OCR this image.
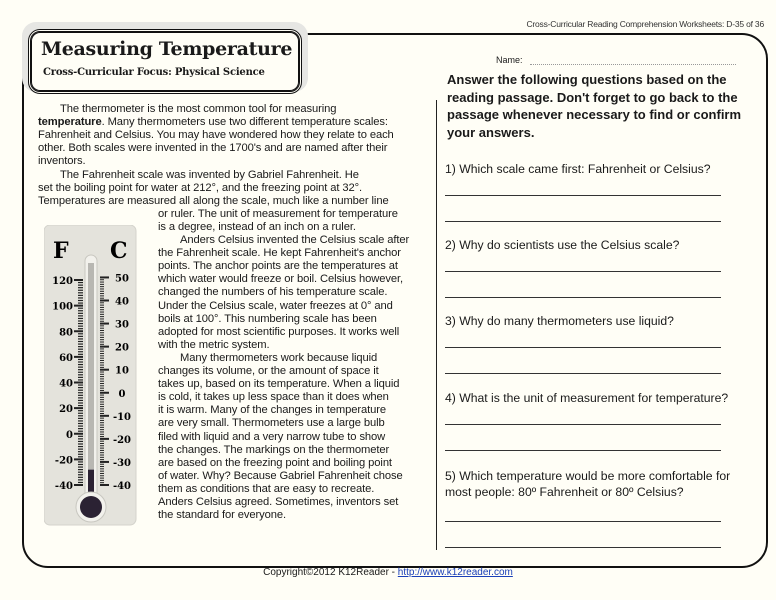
Cross-Curricular Reading Comprehension Worksheets: D-35 of 36
Measuring Temperature
Cross-Curricular Focus: Physical Science
The thermometer is the most common tool for measuring
temperature. Many thermometers use two different temperature scales:
Fahrenheit and Celsius. You may have wondered how they relate to each
other. Both scales were invented in the 1700's and are named after their
inventors.
The Fahrenheit scale was invented by Gabriel Fahrenheit. He
set the boiling point for water at 212°, and the freezing point at 32°.
Temperatures are measured all along the scale, much like a number line
or ruler. The unit of measurement for temperature
is a degree, instead of an inch on a ruler.
Anders Celsius invented the Celsius scale after
the Fahrenheit scale. He kept Fahrenheit's anchor
points. The anchor points are the temperatures at
which water would freeze or boil. Celsius however,
changed the numbers of his temperature scale.
Under the Celsius scale, water freezes at 0° and
boils at 100°. This numbering scale has been
adopted for most scientific purposes. It works well
with the metric system.
Many thermometers work because liquid
changes its volume, or the amount of space it
takes up, based on its temperature. When a liquid
is cold, it takes up less space than it does when
it is warm. Many of the changes in temperature
are very small. Thermometers use a large bulb
filed with liquid and a very narrow tube to show
the changes. The markings on the thermometer
are based on the freezing point and boiling point
of water. Why? Because Gabriel Fahrenheit chose
them as conditions that are easy to recreate.
Anders Celsius agreed. Sometimes, inventors set
the standard for everyone.
F C
120
100
80
60
40
20
0
-20
-40
50
40
30
20
10
0
-10
-20
-30
-40
Name:
Answer the following questions based on the reading passage. Don't forget to go back to the passage whenever necessary to find or confirm your answers.
1) Which scale came first: Fahrenheit or Celsius?
2) Why do scientists use the Celsius scale?
3) Why do many thermometers use liquid?
4) What is the unit of measurement for temperature?
5) Which temperature would be more comfortable for most people: 80º Fahrenheit or 80º Celsius?
Copyright©2012 K12Reader - http://www.k12reader.com
